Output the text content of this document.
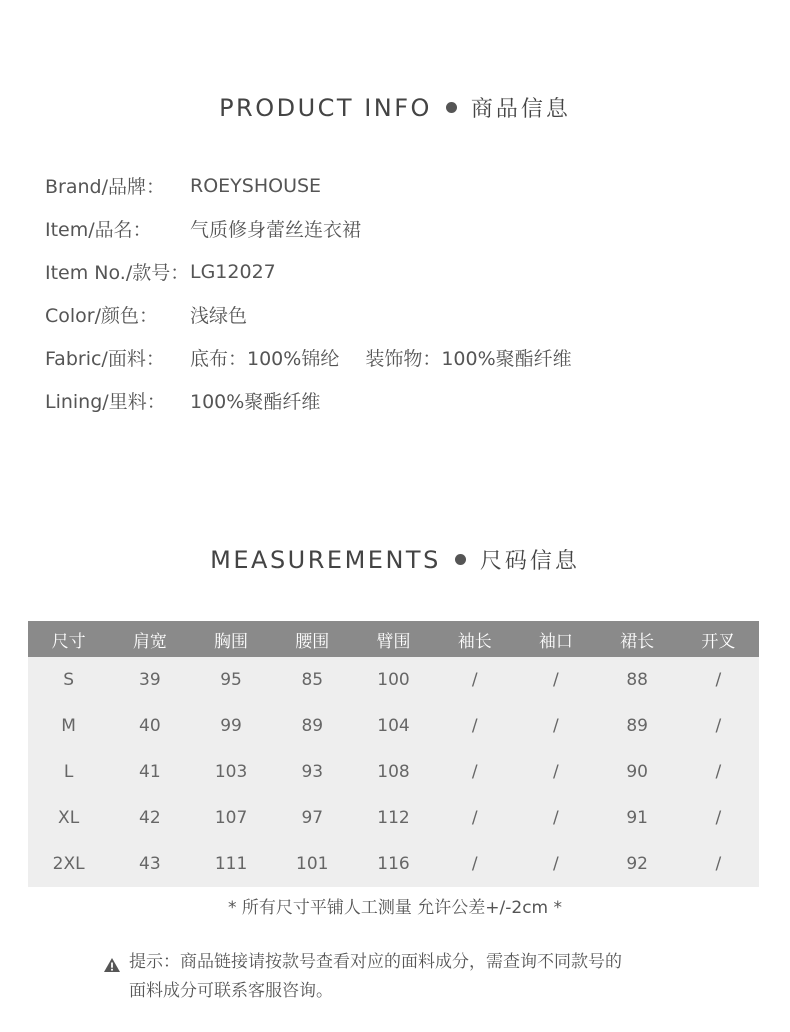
PRODUCT INFO 商品信息
Brand/品牌：	ROEYSHOUSE
Item/品名：	气质修身蕾丝连衣裙
Item No./款号： LG12027
Color/颜色：	浅绿色
Fabric/面料：	底布：100%锦纶 装饰物：100%聚酯纤维
Lining/里料：	100%聚酯纤维
MEASUREMENTS 尺码信息
尺寸	肩宽	胸围	腰围	臂围	袖长	袖口	裙长	开叉
S	39	95	85	100	/	/	88	/
M	40	99	89	104	/	/	89	/
L	41	103	93	108	/	/	90	/
XL	42	107	97	112	/	/	91	/
2XL	43	111	101	116	/	/	92	/
* 所有尺寸平铺人工测量 允许公差+/-2cm *
提示：商品链接请按款号查看对应的面料成分，需查询不同款号的
面料成分可联系客服咨询。
